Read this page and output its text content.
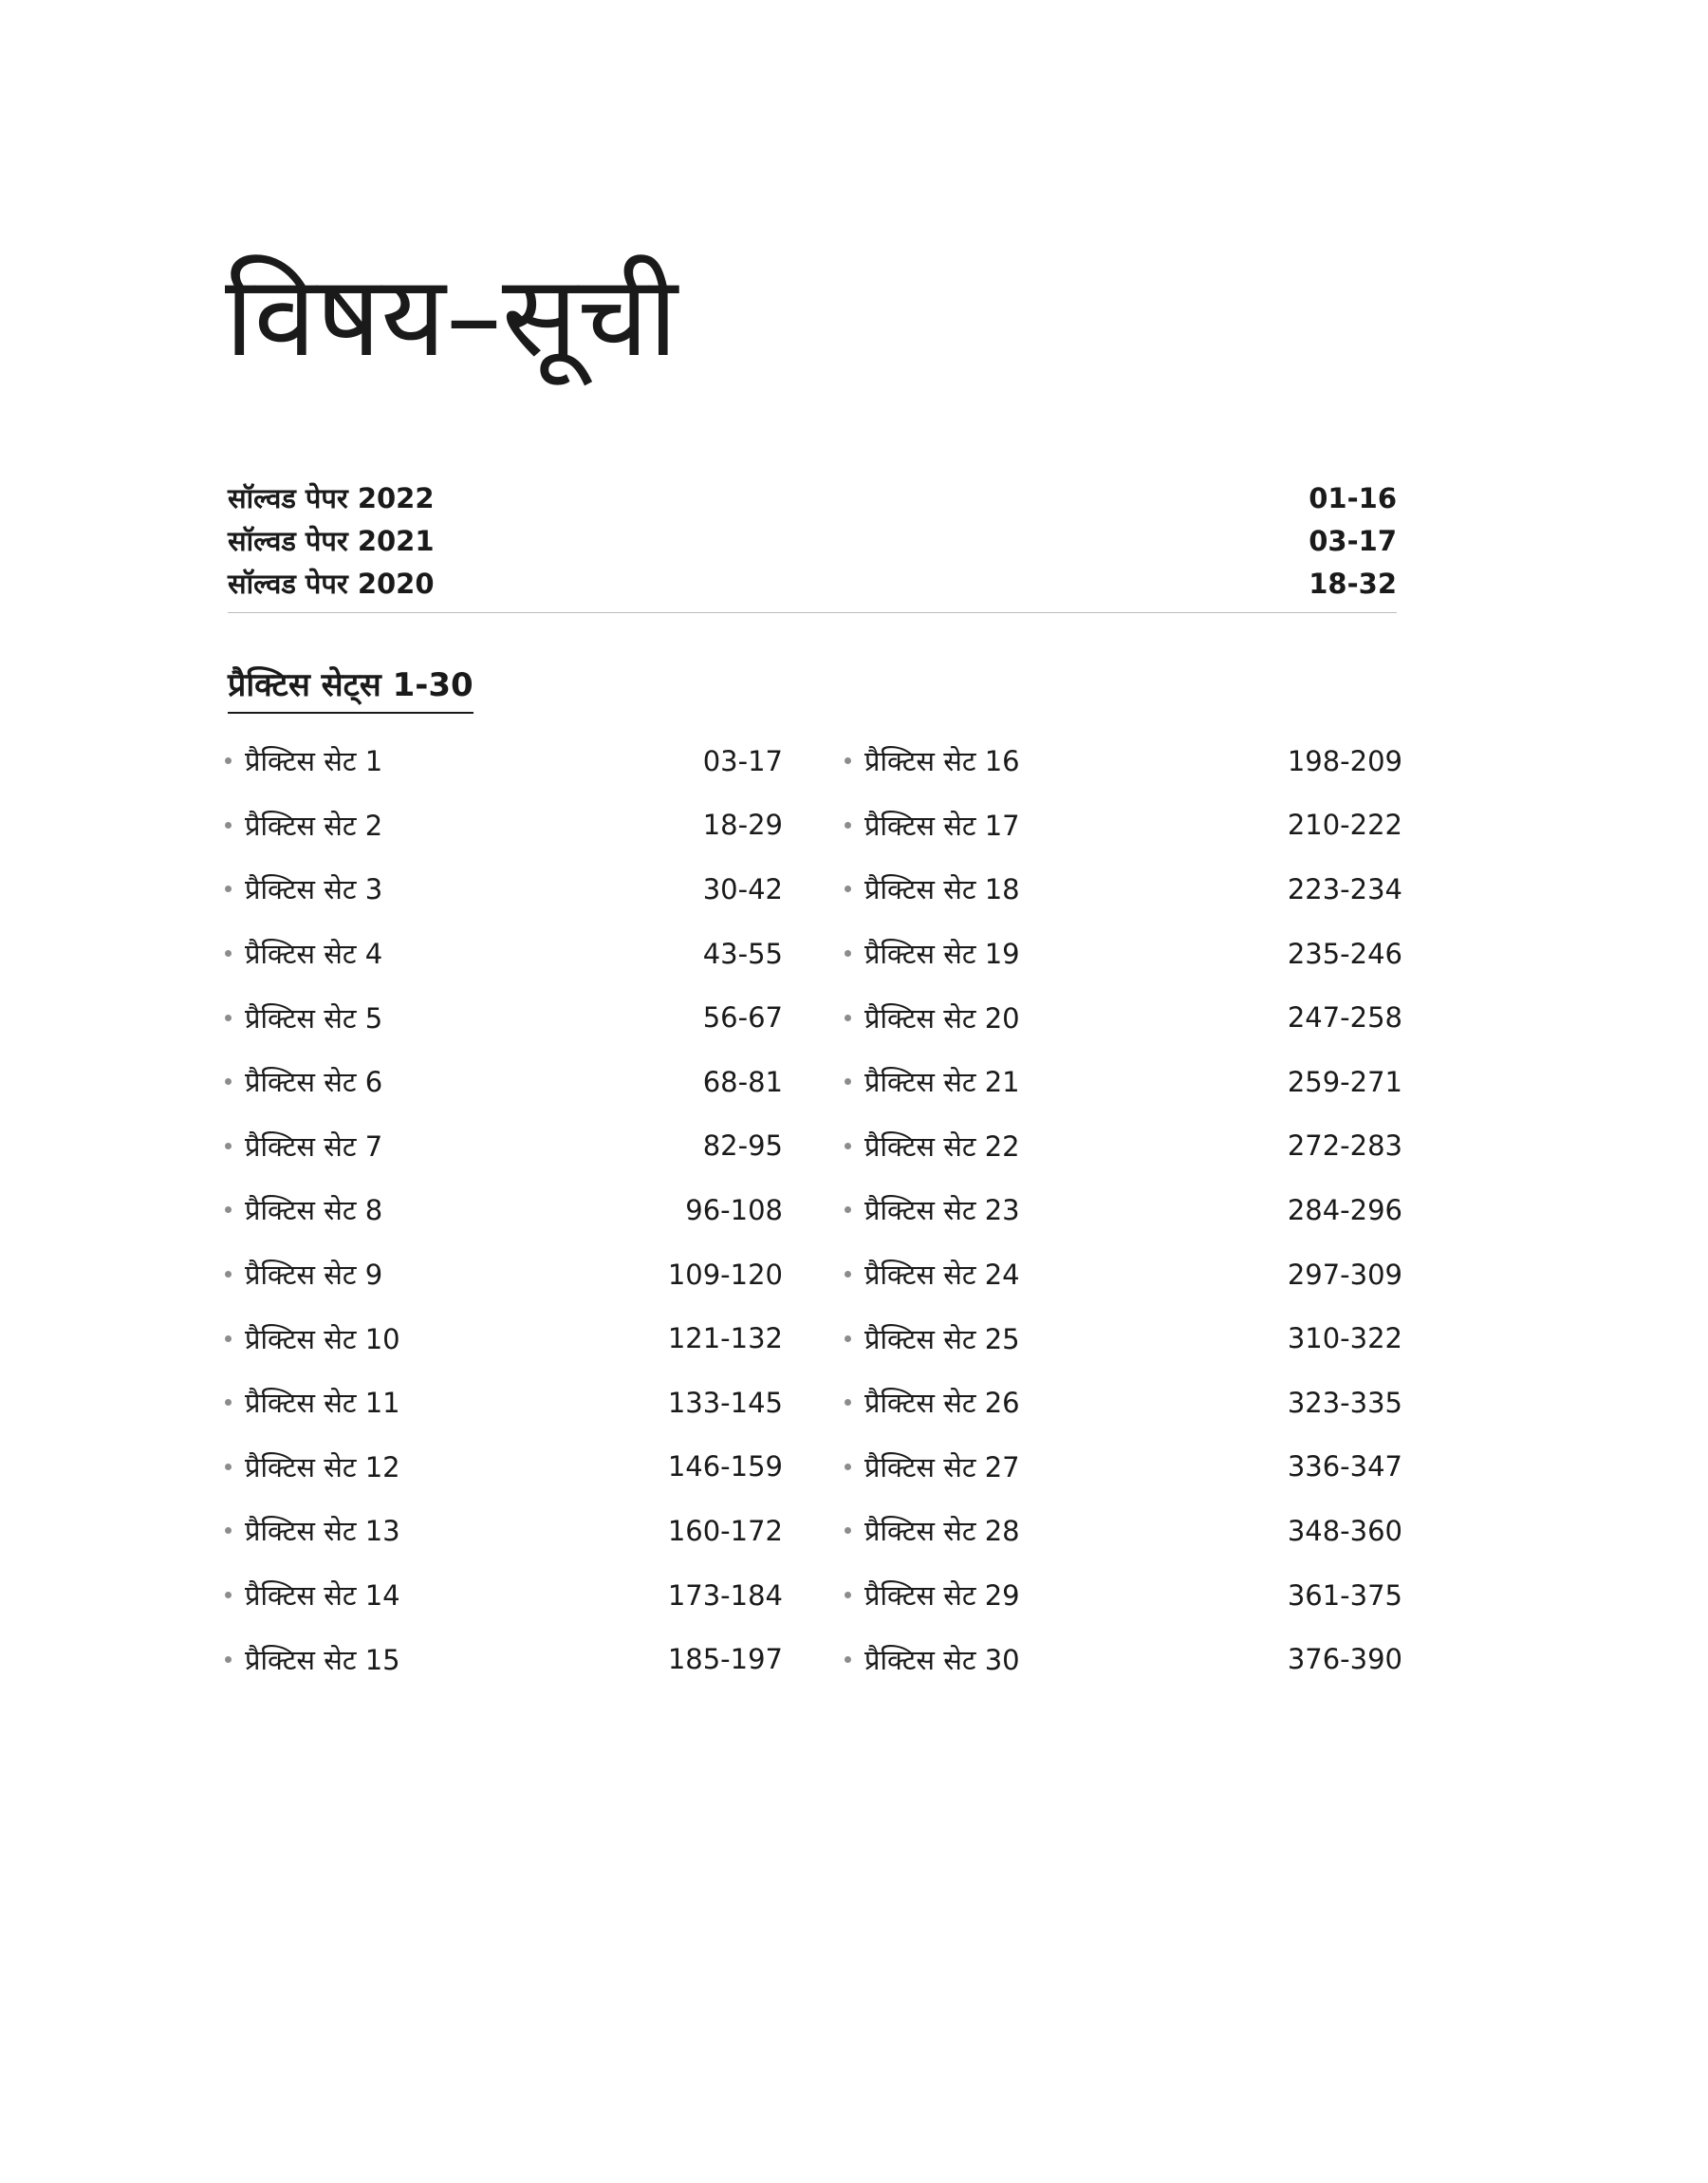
विषय–सूची
सॉल्वड पेपर 2022	01-16
सॉल्वड पेपर 2021	03-17
सॉल्वड पेपर 2020	18-32
प्रैक्टिस सेट्स 1-30
प्रैक्टिस सेट 1	03-17
प्रैक्टिस सेट 2	18-29
प्रैक्टिस सेट 3	30-42
प्रैक्टिस सेट 4	43-55
प्रैक्टिस सेट 5	56-67
प्रैक्टिस सेट 6	68-81
प्रैक्टिस सेट 7	82-95
प्रैक्टिस सेट 8	96-108
प्रैक्टिस सेट 9	109-120
प्रैक्टिस सेट 10	121-132
प्रैक्टिस सेट 11	133-145
प्रैक्टिस सेट 12	146-159
प्रैक्टिस सेट 13	160-172
प्रैक्टिस सेट 14	173-184
प्रैक्टिस सेट 15	185-197
प्रैक्टिस सेट 16	198-209
प्रैक्टिस सेट 17	210-222
प्रैक्टिस सेट 18	223-234
प्रैक्टिस सेट 19	235-246
प्रैक्टिस सेट 20	247-258
प्रैक्टिस सेट 21	259-271
प्रैक्टिस सेट 22	272-283
प्रैक्टिस सेट 23	284-296
प्रैक्टिस सेट 24	297-309
प्रैक्टिस सेट 25	310-322
प्रैक्टिस सेट 26	323-335
प्रैक्टिस सेट 27	336-347
प्रैक्टिस सेट 28	348-360
प्रैक्टिस सेट 29	361-375
प्रैक्टिस सेट 30	376-390
